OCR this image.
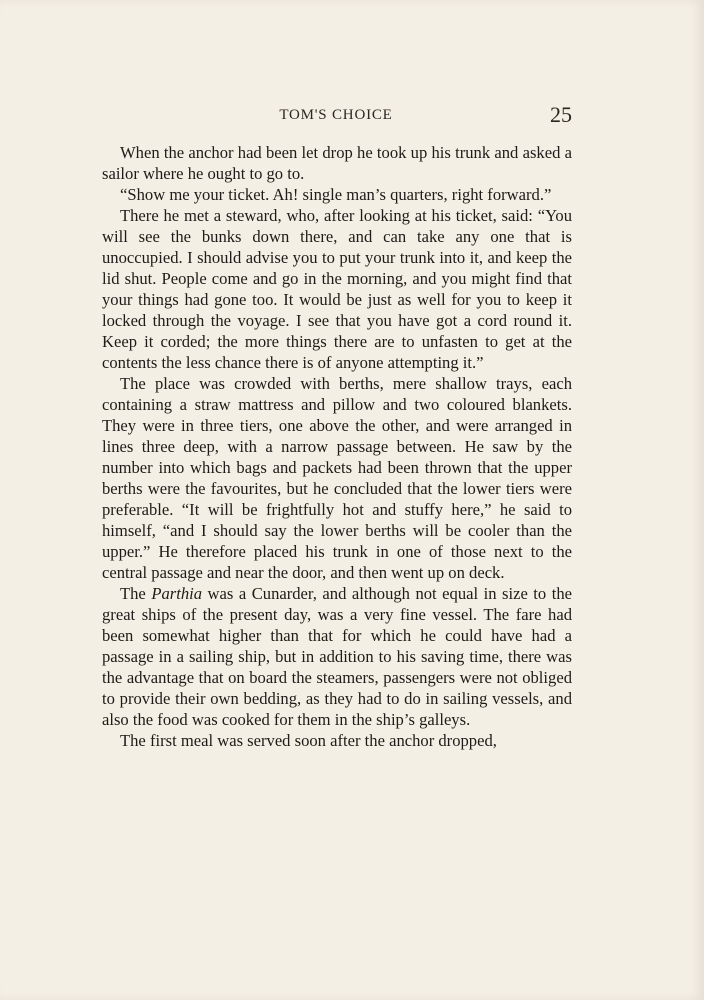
TOM'S CHOICE	25

When the anchor had been let drop he took up his trunk and asked a sailor where he ought to go to.

“Show me your ticket. Ah! single man’s quarters, right forward.”

There he met a steward, who, after looking at his ticket, said: “You will see the bunks down there, and can take any one that is unoccupied. I should advise you to put your trunk into it, and keep the lid shut. People come and go in the morning, and you might find that your things had gone too. It would be just as well for you to keep it locked through the voyage. I see that you have got a cord round it. Keep it corded; the more things there are to unfasten to get at the contents the less chance there is of anyone attempting it.”

The place was crowded with berths, mere shallow trays, each containing a straw mattress and pillow and two coloured blankets. They were in three tiers, one above the other, and were arranged in lines three deep, with a narrow passage between. He saw by the number into which bags and packets had been thrown that the upper berths were the favourites, but he concluded that the lower tiers were preferable. “It will be frightfully hot and stuffy here,” he said to himself, “and I should say the lower berths will be cooler than the upper.” He therefore placed his trunk in one of those next to the central passage and near the door, and then went up on deck.

The Parthia was a Cunarder, and although not equal in size to the great ships of the present day, was a very fine vessel. The fare had been somewhat higher than that for which he could have had a passage in a sailing ship, but in addition to his saving time, there was the advantage that on board the steamers, passengers were not obliged to provide their own bedding, as they had to do in sailing vessels, and also the food was cooked for them in the ship’s galleys.

The first meal was served soon after the anchor dropped,
